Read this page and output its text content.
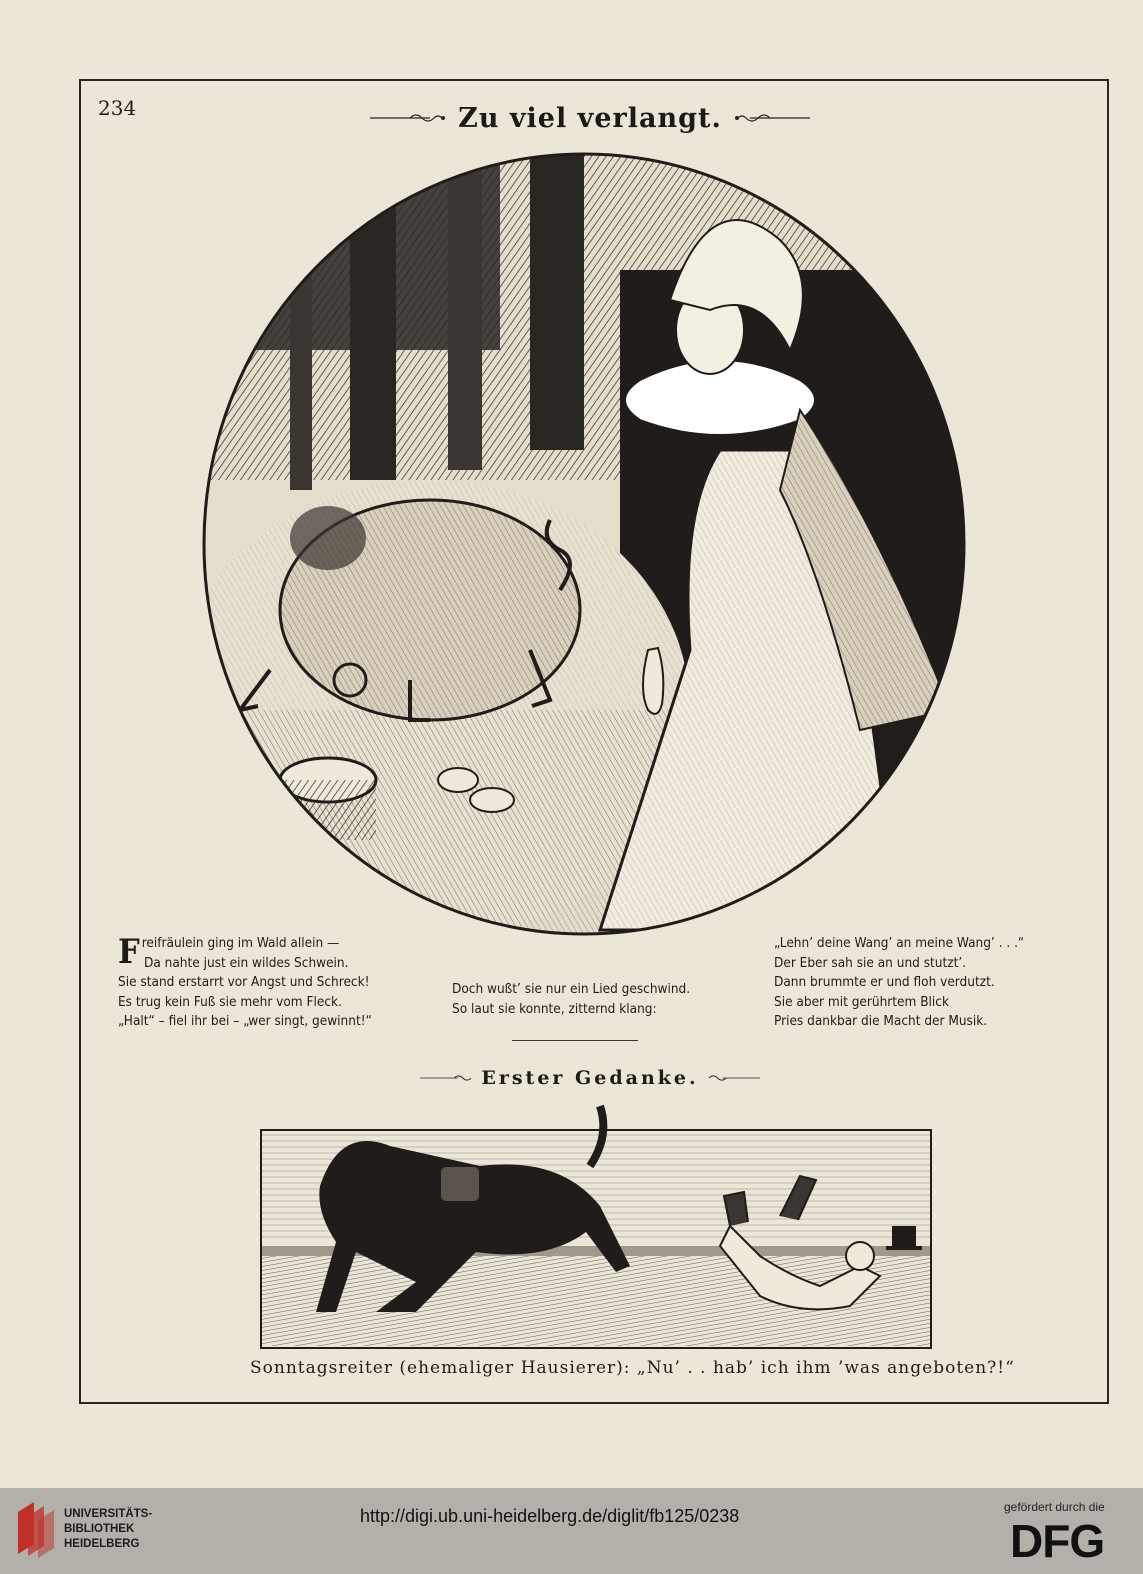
234	Zu viel verlangt.
F reifräulein ging im Wald allein —
Da nahte just ein wildes Schwein.
Sie stand erstarrt vor Angst und Schreck!
Es trug kein Fuß sie mehr vom Fleck.
„Halt“ – fiel ihr bei – „wer singt, gewinnt!“
Doch wußt’ sie nur ein Lied geschwind.
So laut sie konnte, zitternd klang:
„Lehn’ deine Wang’ an meine Wang’ . . .“
Der Eber sah sie an und stutzt’.
Dann brummte er und floh verdutzt.
Sie aber mit gerührtem Blick
Pries dankbar die Macht der Musik.
Erster Gedanke.
Sonntagsreiter (ehemaliger Hausierer): „Nu’ . . hab’ ich ihm ’was angeboten?!“
UNIVERSITÄTS-
BIBLIOTHEK
HEIDELBERG
http://digi.ub.uni-heidelberg.de/diglit/fb125/0238	gefördert durch die
DFG
